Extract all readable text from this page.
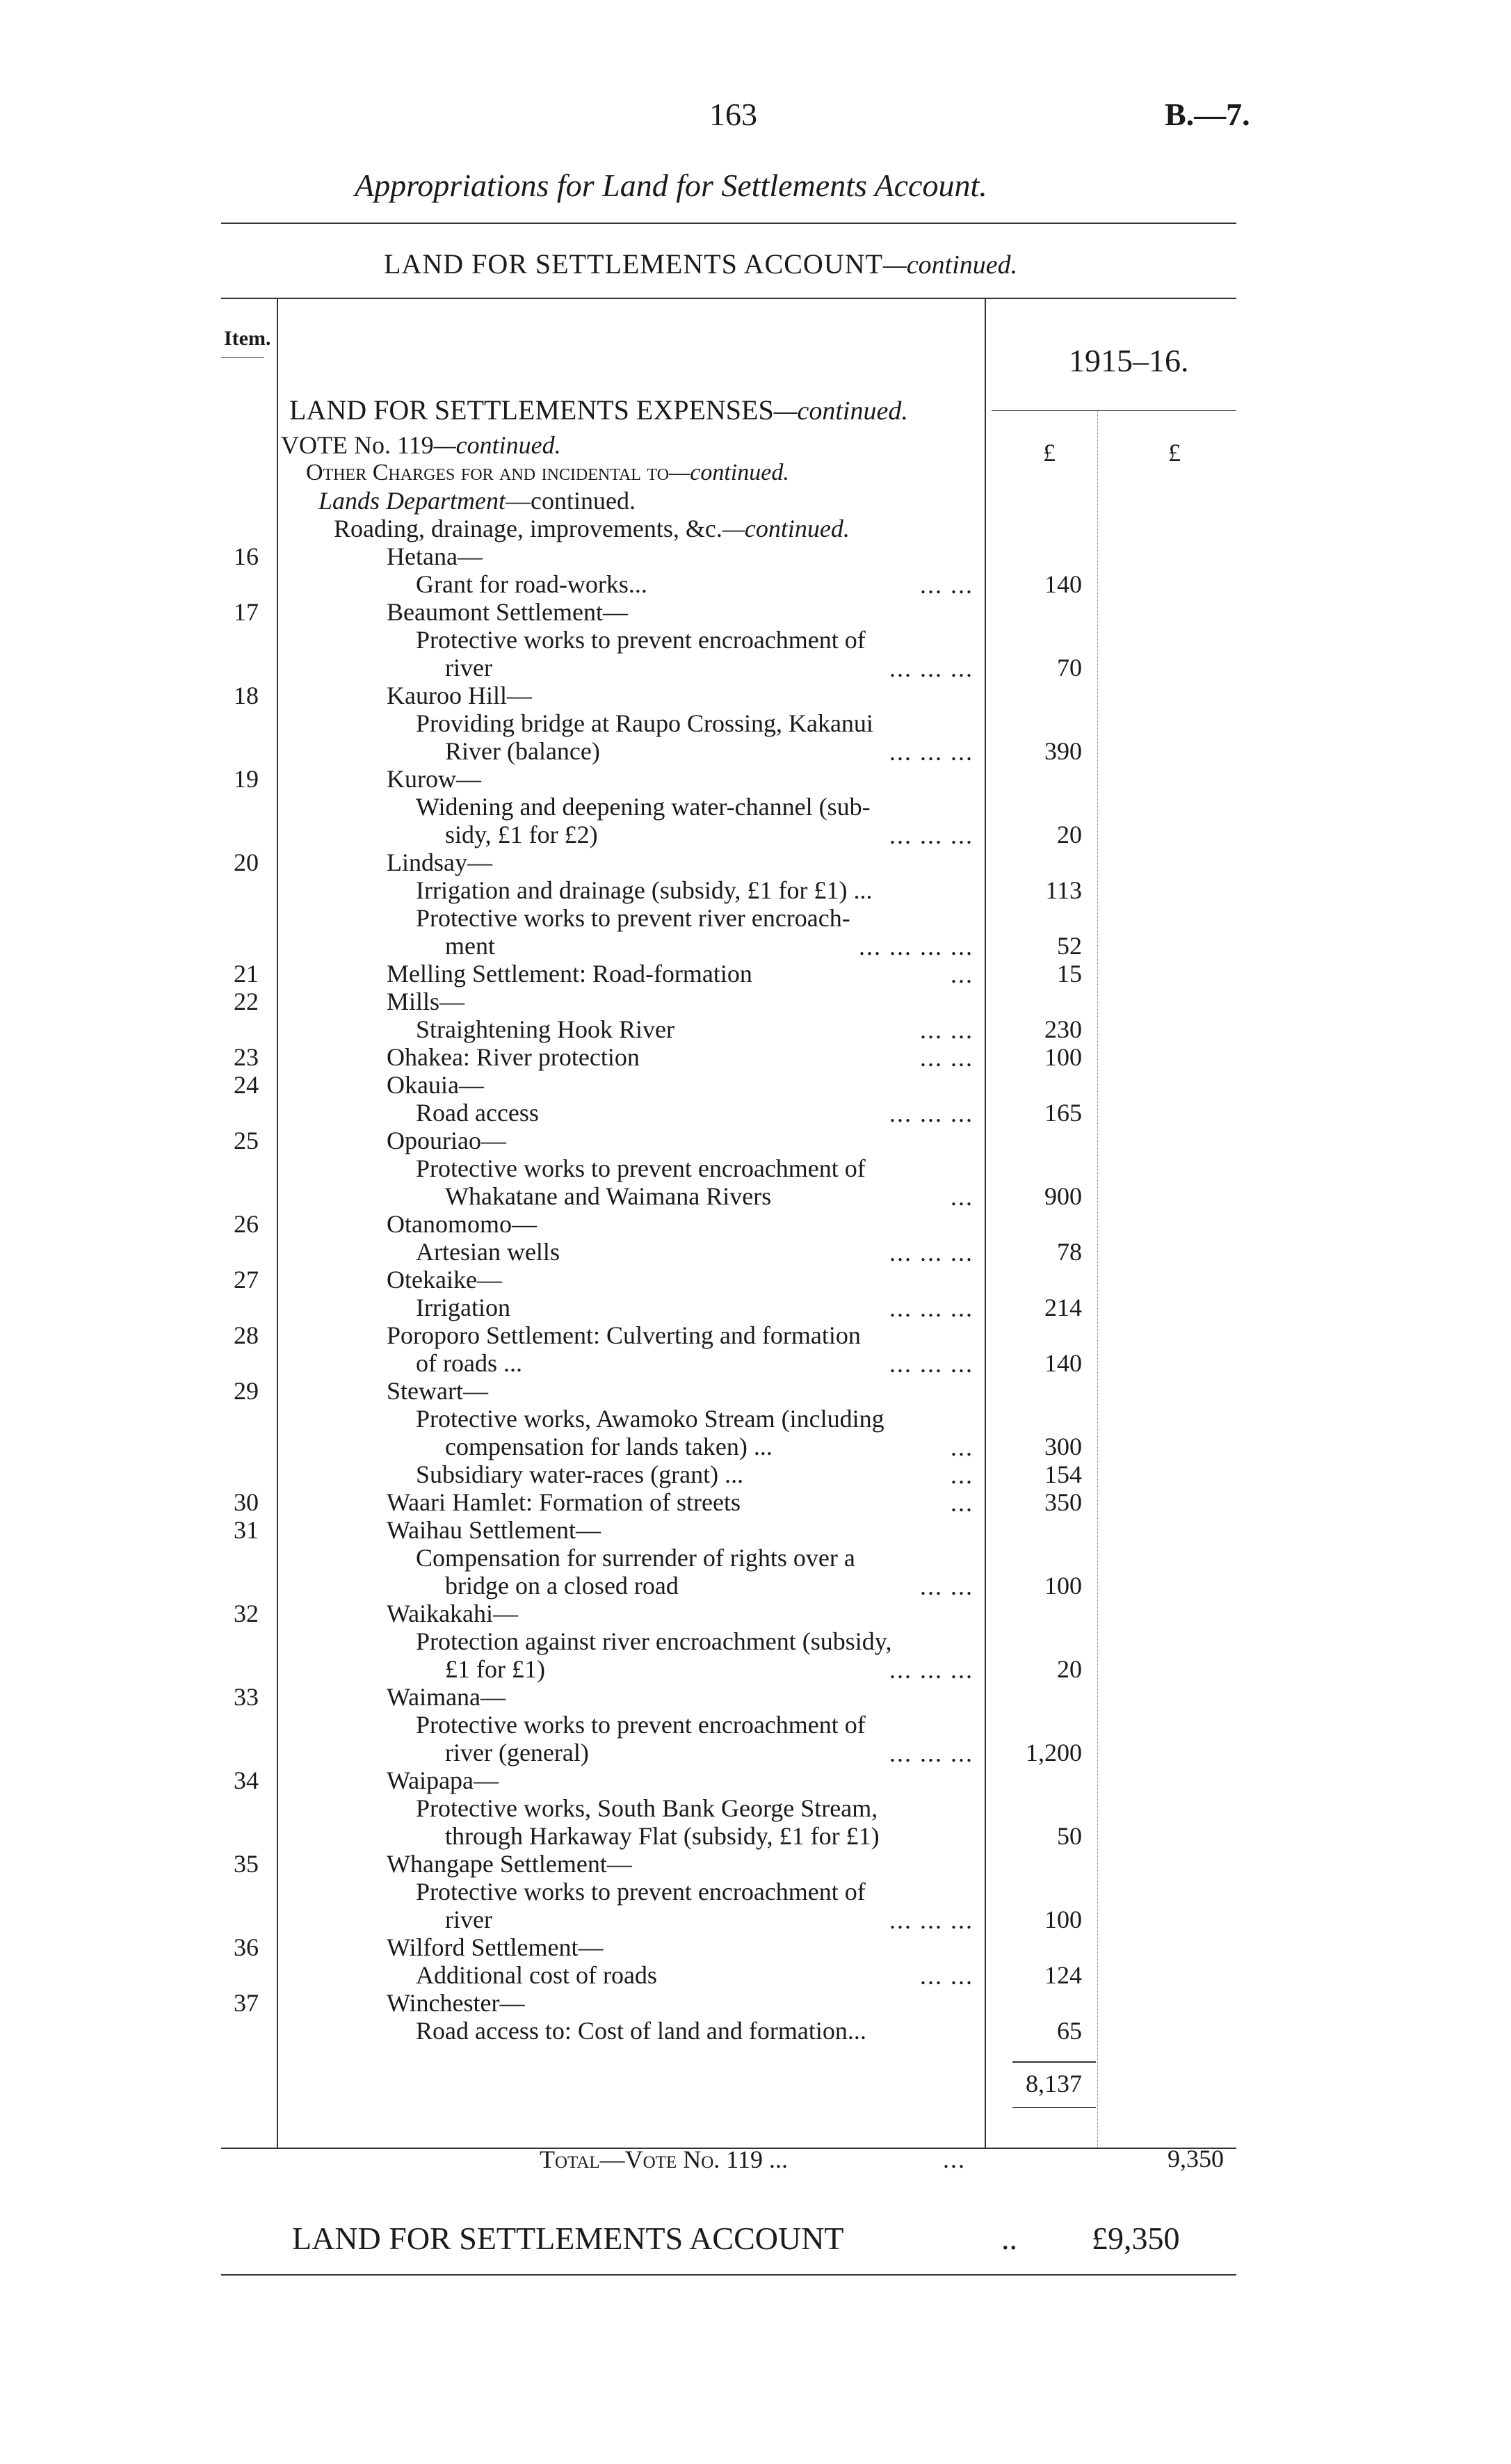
163	B.—7.
Appropriations for Land for Settlements Account.
LAND FOR SETTLEMENTS ACCOUNT—continued.
Item.
1915–16.
LAND FOR SETTLEMENTS EXPENSES—continued.
£	£
VOTE No. 119—continued.
Other Charges for and incidental to—continued.
Lands Department—continued.
Roading, drainage, improvements, &c.—continued.
16	Hetana—
Grant for road-works...	... ...	140
17	Beaumont Settlement—
Protective works to prevent encroachment of
river	... ... ...	70
18	Kauroo Hill—
Providing bridge at Raupo Crossing, Kakanui
River (balance)	... ... ...	390
19	Kurow—
Widening and deepening water-channel (sub-
sidy, £1 for £2)	... ... ...	20
20	Lindsay—
Irrigation and drainage (subsidy, £1 for £1) ...	113
Protective works to prevent river encroach-
ment	... ... ... ...	52
21	Melling Settlement: Road-formation	...	15
22	Mills—
Straightening Hook River	... ...	230
23	Ohakea: River protection	... ...	100
24	Okauia—
Road access	... ... ...	165
25	Opouriao—
Protective works to prevent encroachment of
Whakatane and Waimana Rivers	...	900
26	Otanomomo—
Artesian wells	... ... ...	78
27	Otekaike—
Irrigation	... ... ...	214
28	Poroporo Settlement: Culverting and formation
of roads ...	... ... ...	140
29	Stewart—
Protective works, Awamoko Stream (including
compensation for lands taken) ...	...	300
Subsidiary water-races (grant) ...	...	154
30	Waari Hamlet: Formation of streets	...	350
31	Waihau Settlement—
Compensation for surrender of rights over a
bridge on a closed road	... ...	100
32	Waikakahi—
Protection against river encroachment (subsidy,
£1 for £1)	... ... ...	20
33	Waimana—
Protective works to prevent encroachment of
river (general)	... ... ...	1,200
34	Waipapa—
Protective works, South Bank George Stream,
through Harkaway Flat (subsidy, £1 for £1)	50
35	Whangape Settlement—
Protective works to prevent encroachment of
river	... ... ...	100
36	Wilford Settlement—
Additional cost of roads	... ...	124
37	Winchester—
Road access to: Cost of land and formation...	65
8,137
Total—Vote No. 119 ...	...	9,350
LAND FOR SETTLEMENTS ACCOUNT	.. £9,350
